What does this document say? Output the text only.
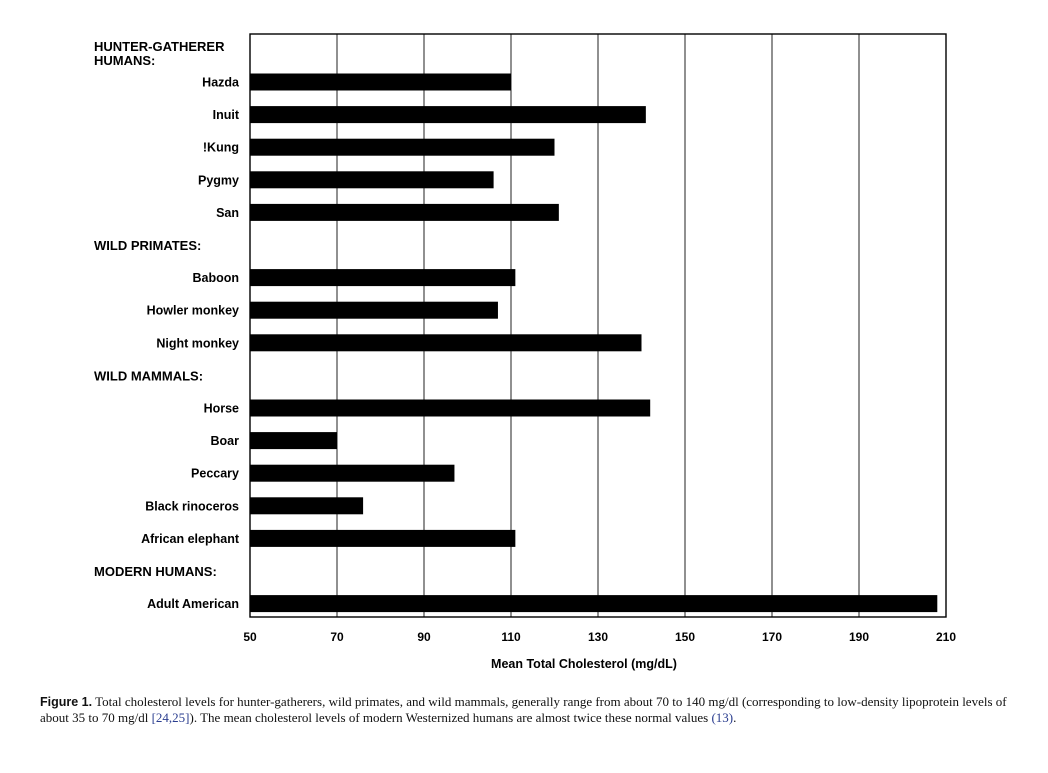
HUNTER-GATHERER HUMANS:
Hazda
Inuit
!Kung
Pygmy
San
WILD PRIMATES:
Baboon
Howler monkey
Night monkey
WILD MAMMALS:
Horse
Boar
Peccary
Black rinoceros
African elephant
MODERN HUMANS:
Adult American
50	70	90	110	130	150	170	190	210
Mean Total Cholesterol (mg/dL)
Figure 1. Total cholesterol levels for hunter-gatherers, wild primates, and wild mammals, generally range from about 70 to 140 mg/dl (corresponding to low-density lipoprotein levels of about 35 to 70 mg/dl [24,25]). The mean cholesterol levels of modern Westernized humans are almost twice these normal values (13).
